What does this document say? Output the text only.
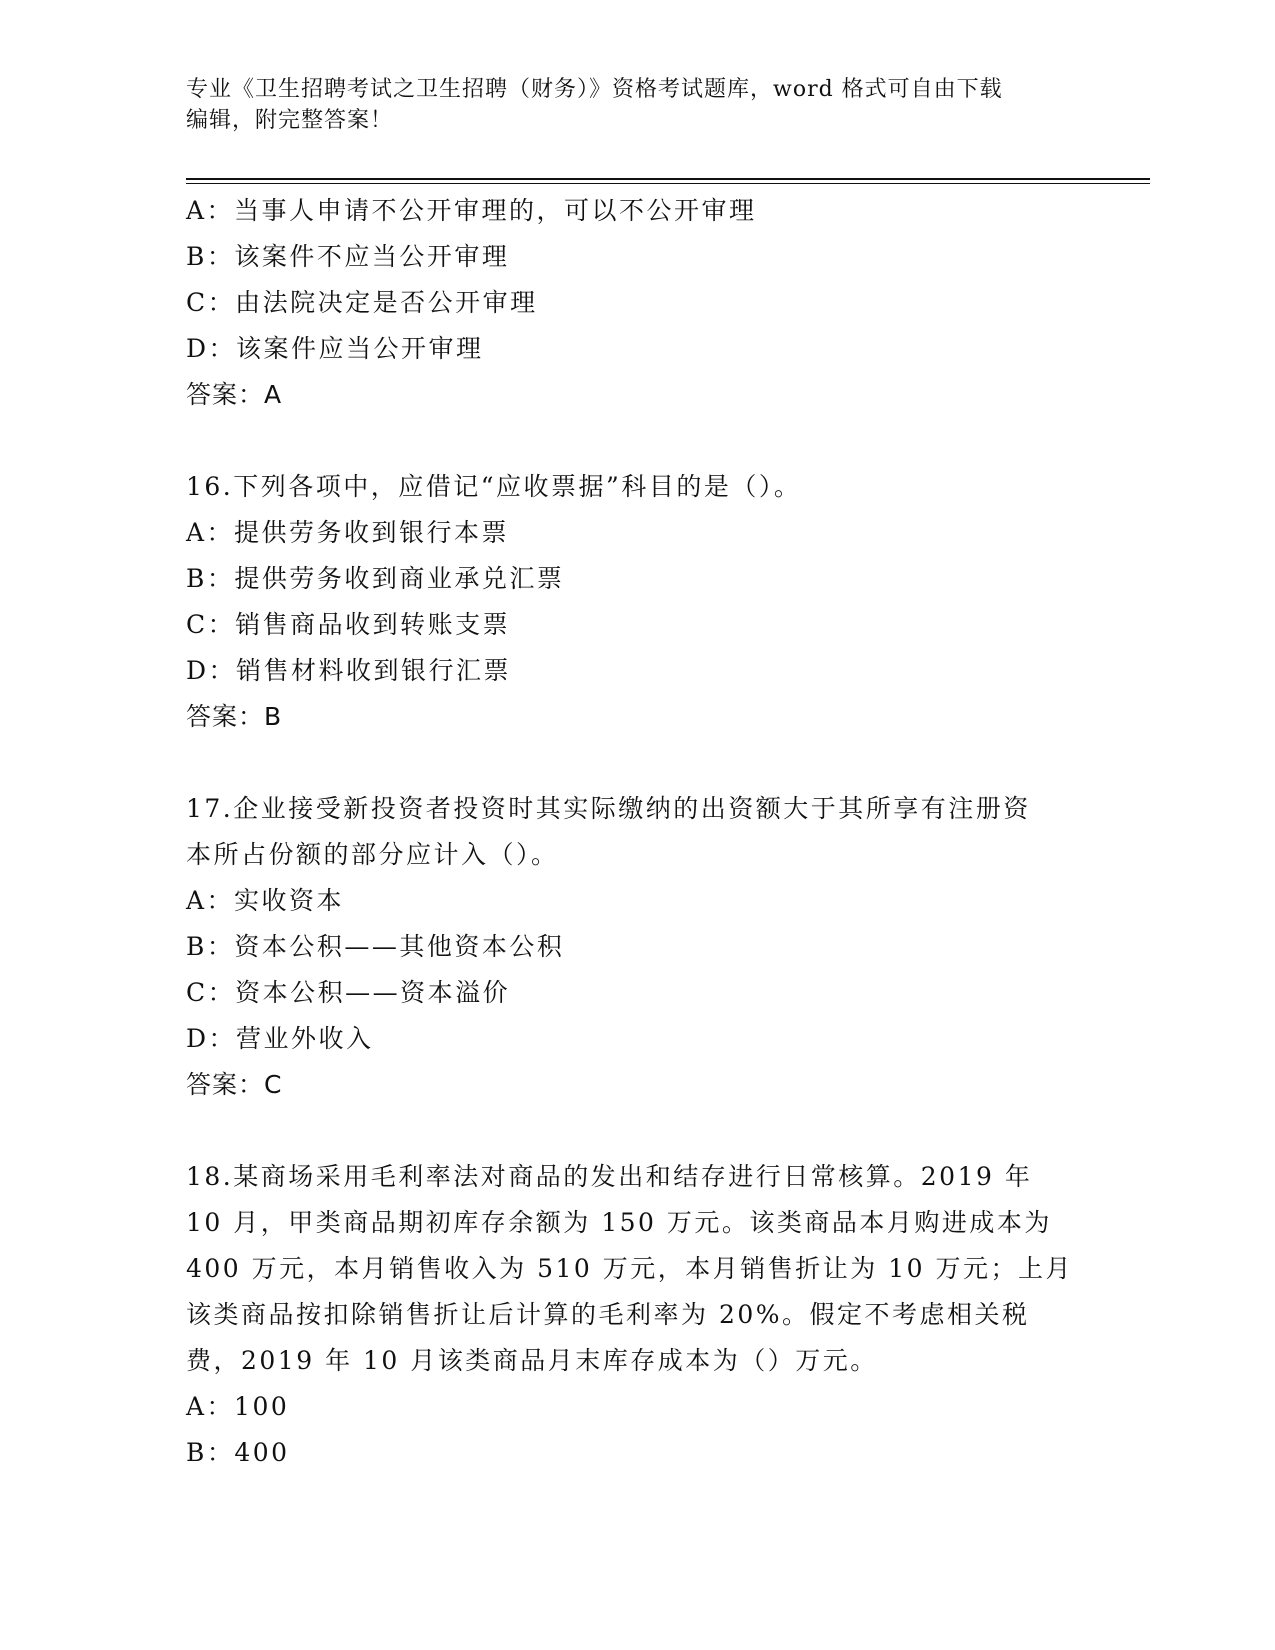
专业《卫生招聘考试之卫生招聘（财务）》资格考试题库，word 格式可自由下载
编辑，附完整答案！
A：当事人申请不公开审理的，可以不公开审理
B：该案件不应当公开审理
C：由法院决定是否公开审理
D：该案件应当公开审理
答案：A
16.下列各项中，应借记“应收票据”科目的是（）。
A：提供劳务收到银行本票
B：提供劳务收到商业承兑汇票
C：销售商品收到转账支票
D：销售材料收到银行汇票
答案：B
17.企业接受新投资者投资时其实际缴纳的出资额大于其所享有注册资
本所占份额的部分应计入（）。
A：实收资本
B：资本公积——其他资本公积
C：资本公积——资本溢价
D：营业外收入
答案：C
18.某商场采用毛利率法对商品的发出和结存进行日常核算。2019 年
10 月，甲类商品期初库存余额为 150 万元。该类商品本月购进成本为
400 万元，本月销售收入为 510 万元，本月销售折让为 10 万元；上月
该类商品按扣除销售折让后计算的毛利率为 20%。假定不考虑相关税
费，2019 年 10 月该类商品月末库存成本为（）万元。
A：100
B：400
